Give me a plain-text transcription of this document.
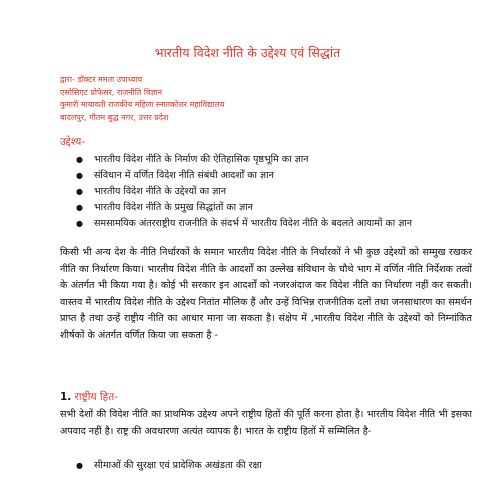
भारतीय विदेश नीति के उद्देश्य एवं सिद्धांत
द्वारा- डॉक्टर ममता उपाध्याय
एसोसिएट प्रोफेसर, राजनीति विज्ञान
कुमारी मायावती राजकीय महिला स्नातकोत्तर महाविद्यालय
बादलपुर, गौतम बुद्ध नगर, उत्तर प्रदेश
उद्देश्य-
● भारतीय विदेश नीति के निर्माण की ऐतिहासिक पृष्ठभूमि का ज्ञान
● संविधान में वर्णित विदेश नीति संबंधी आदर्शों का ज्ञान
● भारतीय विदेश नीति के उद्देश्यों का ज्ञान
● भारतीय विदेश नीति के प्रमुख सिद्धांतों का ज्ञान
● समसामयिक अंतरराष्ट्रीय राजनीति के संदर्भ में भारतीय विदेश नीति के बदलते आयामों का ज्ञान
किसी भी अन्य देश के नीति निर्धारकों के समान भारतीय विदेश नीति के निर्धारकों ने भी कुछ उद्देश्यों को सम्मुख रखकर नीति का निर्धारण किया। भारतीय विदेश नीति के आदर्शों का उल्लेख संविधान के चौथे भाग में वर्णित नीति निर्देशक तत्वों के अंतर्गत भी किया गया है। कोई भी सरकार इन आदर्शों को नजरअंदाज कर विदेश नीति का निर्धारण नहीं कर सकती। वास्तव में भारतीय विदेश नीति के उद्देश्य नितांत मौलिक हैं और उन्हें विभिन्न राजनीतिक दलों तथा जनसाधारण का समर्थन प्राप्त है तथा उन्हें राष्ट्रीय नीति का आधार माना जा सकता है। संक्षेप में ,भारतीय विदेश नीति के उद्देश्यों को निम्नांकित शीर्षकों के अंतर्गत वर्णित किया जा सकता है -
1. राष्ट्रीय हित-
सभी देशों की विदेश नीति का प्राथमिक उद्देश्य अपने राष्ट्रीय हितों की पूर्ति करना होता है। भारतीय विदेश नीति भी इसका अपवाद नहीं है। राष्ट्र की अवधारणा अत्यंत व्यापक है। भारत के राष्ट्रीय हितों में सम्मिलित है-
● सीमाओं की सुरक्षा एवं प्रादेशिक अखंडता की रक्षा
